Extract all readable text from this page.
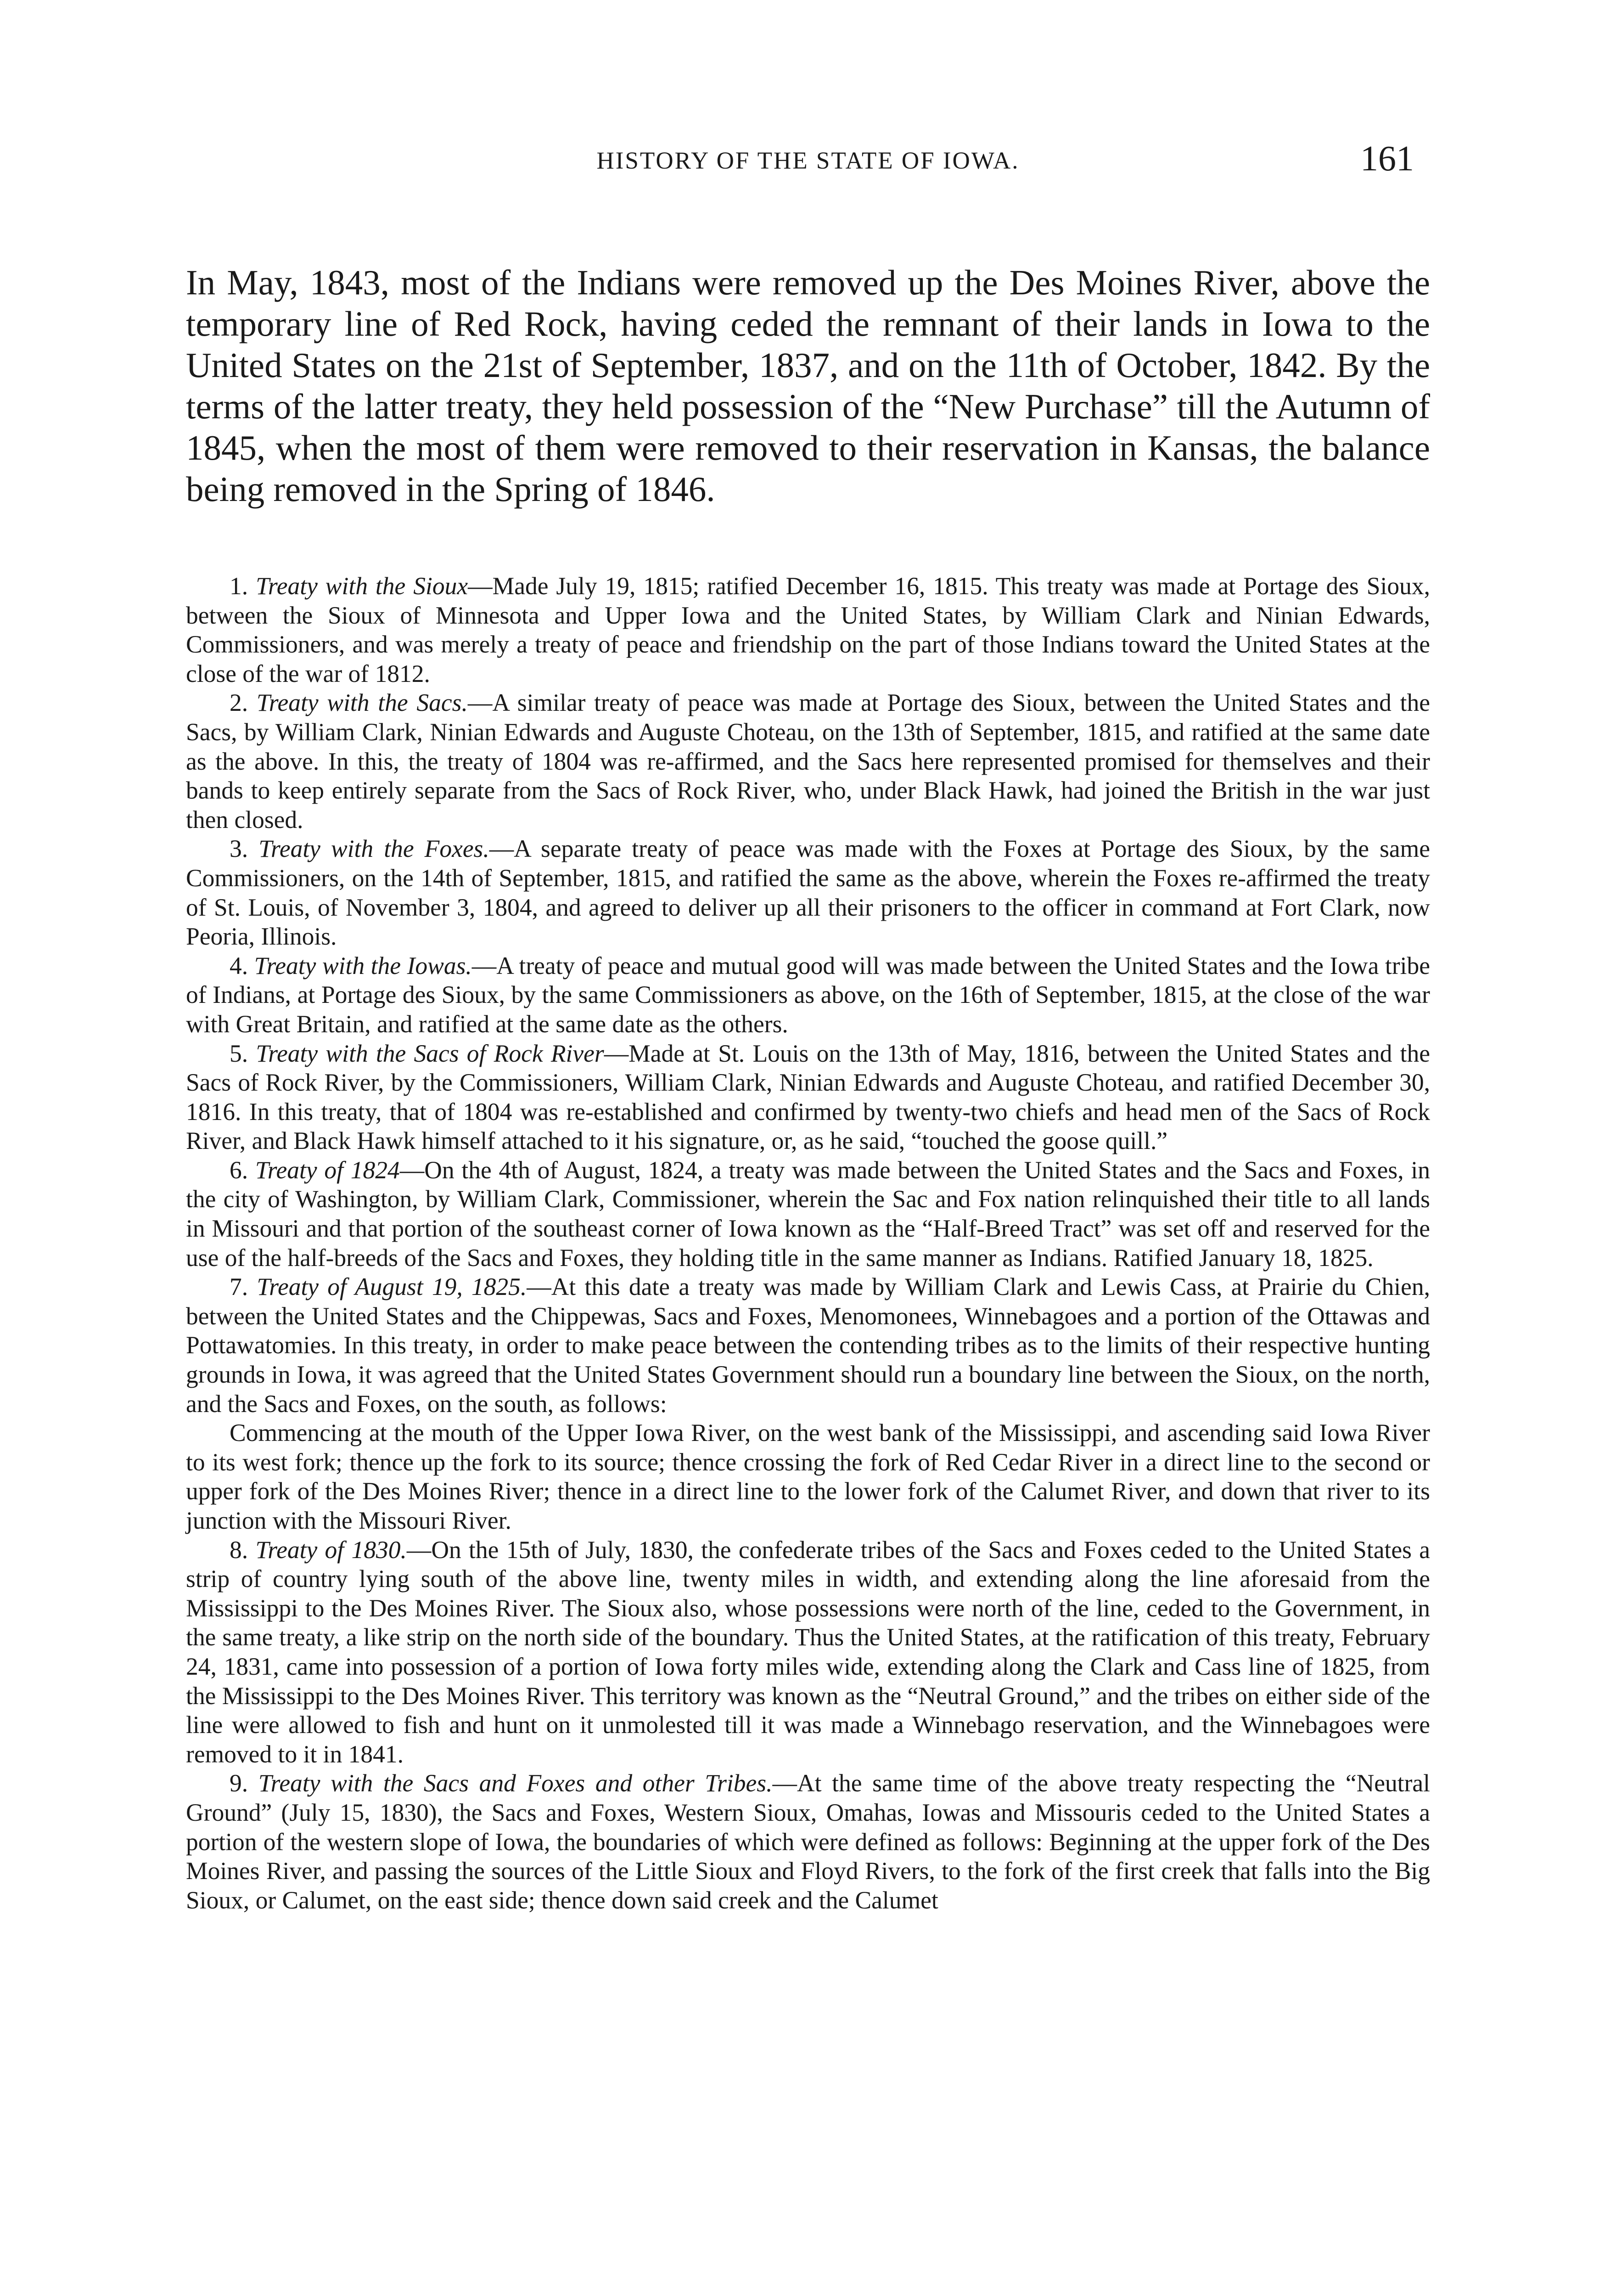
HISTORY OF THE STATE OF IOWA.	161

In May, 1843, most of the Indians were removed up the Des Moines River, above the temporary line of Red Rock, having ceded the remnant of their lands in Iowa to the United States on the 21st of September, 1837, and on the 11th of October, 1842. By the terms of the latter treaty, they held possession of the “New Purchase” till the Autumn of 1845, when the most of them were removed to their reservation in Kansas, the balance being removed in the Spring of 1846.

1. Treaty with the Sioux—Made July 19, 1815; ratified December 16, 1815. This treaty was made at Portage des Sioux, between the Sioux of Minnesota and Upper Iowa and the United States, by William Clark and Ninian Edwards, Commissioners, and was merely a treaty of peace and friendship on the part of those Indians toward the United States at the close of the war of 1812.

2. Treaty with the Sacs.—A similar treaty of peace was made at Portage des Sioux, between the United States and the Sacs, by William Clark, Ninian Edwards and Auguste Choteau, on the 13th of September, 1815, and ratified at the same date as the above. In this, the treaty of 1804 was re-affirmed, and the Sacs here represented promised for themselves and their bands to keep entirely separate from the Sacs of Rock River, who, under Black Hawk, had joined the British in the war just then closed.

3. Treaty with the Foxes.—A separate treaty of peace was made with the Foxes at Portage des Sioux, by the same Commissioners, on the 14th of September, 1815, and ratified the same as the above, wherein the Foxes re-affirmed the treaty of St. Louis, of November 3, 1804, and agreed to deliver up all their prisoners to the officer in command at Fort Clark, now Peoria, Illinois.

4. Treaty with the Iowas.—A treaty of peace and mutual good will was made between the United States and the Iowa tribe of Indians, at Portage des Sioux, by the same Commissioners as above, on the 16th of September, 1815, at the close of the war with Great Britain, and ratified at the same date as the others.

5. Treaty with the Sacs of Rock River—Made at St. Louis on the 13th of May, 1816, between the United States and the Sacs of Rock River, by the Commissioners, William Clark, Ninian Edwards and Auguste Choteau, and ratified December 30, 1816. In this treaty, that of 1804 was re-established and confirmed by twenty-two chiefs and head men of the Sacs of Rock River, and Black Hawk himself attached to it his signature, or, as he said, “touched the goose quill.”

6. Treaty of 1824—On the 4th of August, 1824, a treaty was made between the United States and the Sacs and Foxes, in the city of Washington, by William Clark, Commissioner, wherein the Sac and Fox nation relinquished their title to all lands in Missouri and that portion of the southeast corner of Iowa known as the “Half-Breed Tract” was set off and reserved for the use of the half-breeds of the Sacs and Foxes, they holding title in the same manner as Indians. Ratified January 18, 1825.

7. Treaty of August 19, 1825.—At this date a treaty was made by William Clark and Lewis Cass, at Prairie du Chien, between the United States and the Chippewas, Sacs and Foxes, Menomonees, Winnebagoes and a portion of the Ottawas and Pottawatomies. In this treaty, in order to make peace between the contending tribes as to the limits of their respective hunting grounds in Iowa, it was agreed that the United States Government should run a boundary line between the Sioux, on the north, and the Sacs and Foxes, on the south, as follows:

Commencing at the mouth of the Upper Iowa River, on the west bank of the Mississippi, and ascending said Iowa River to its west fork; thence up the fork to its source; thence crossing the fork of Red Cedar River in a direct line to the second or upper fork of the Des Moines River; thence in a direct line to the lower fork of the Calumet River, and down that river to its junction with the Missouri River.

8. Treaty of 1830.—On the 15th of July, 1830, the confederate tribes of the Sacs and Foxes ceded to the United States a strip of country lying south of the above line, twenty miles in width, and extending along the line aforesaid from the Mississippi to the Des Moines River. The Sioux also, whose possessions were north of the line, ceded to the Government, in the same treaty, a like strip on the north side of the boundary. Thus the United States, at the ratification of this treaty, February 24, 1831, came into possession of a portion of Iowa forty miles wide, extending along the Clark and Cass line of 1825, from the Mississippi to the Des Moines River. This territory was known as the “Neutral Ground,” and the tribes on either side of the line were allowed to fish and hunt on it unmolested till it was made a Winnebago reservation, and the Winnebagoes were removed to it in 1841.

9. Treaty with the Sacs and Foxes and other Tribes.—At the same time of the above treaty respecting the “Neutral Ground” (July 15, 1830), the Sacs and Foxes, Western Sioux, Omahas, Iowas and Missouris ceded to the United States a portion of the western slope of Iowa, the boundaries of which were defined as follows: Beginning at the upper fork of the Des Moines River, and passing the sources of the Little Sioux and Floyd Rivers, to the fork of the first creek that falls into the Big Sioux, or Calumet, on the east side; thence down said creek and the Calumet
